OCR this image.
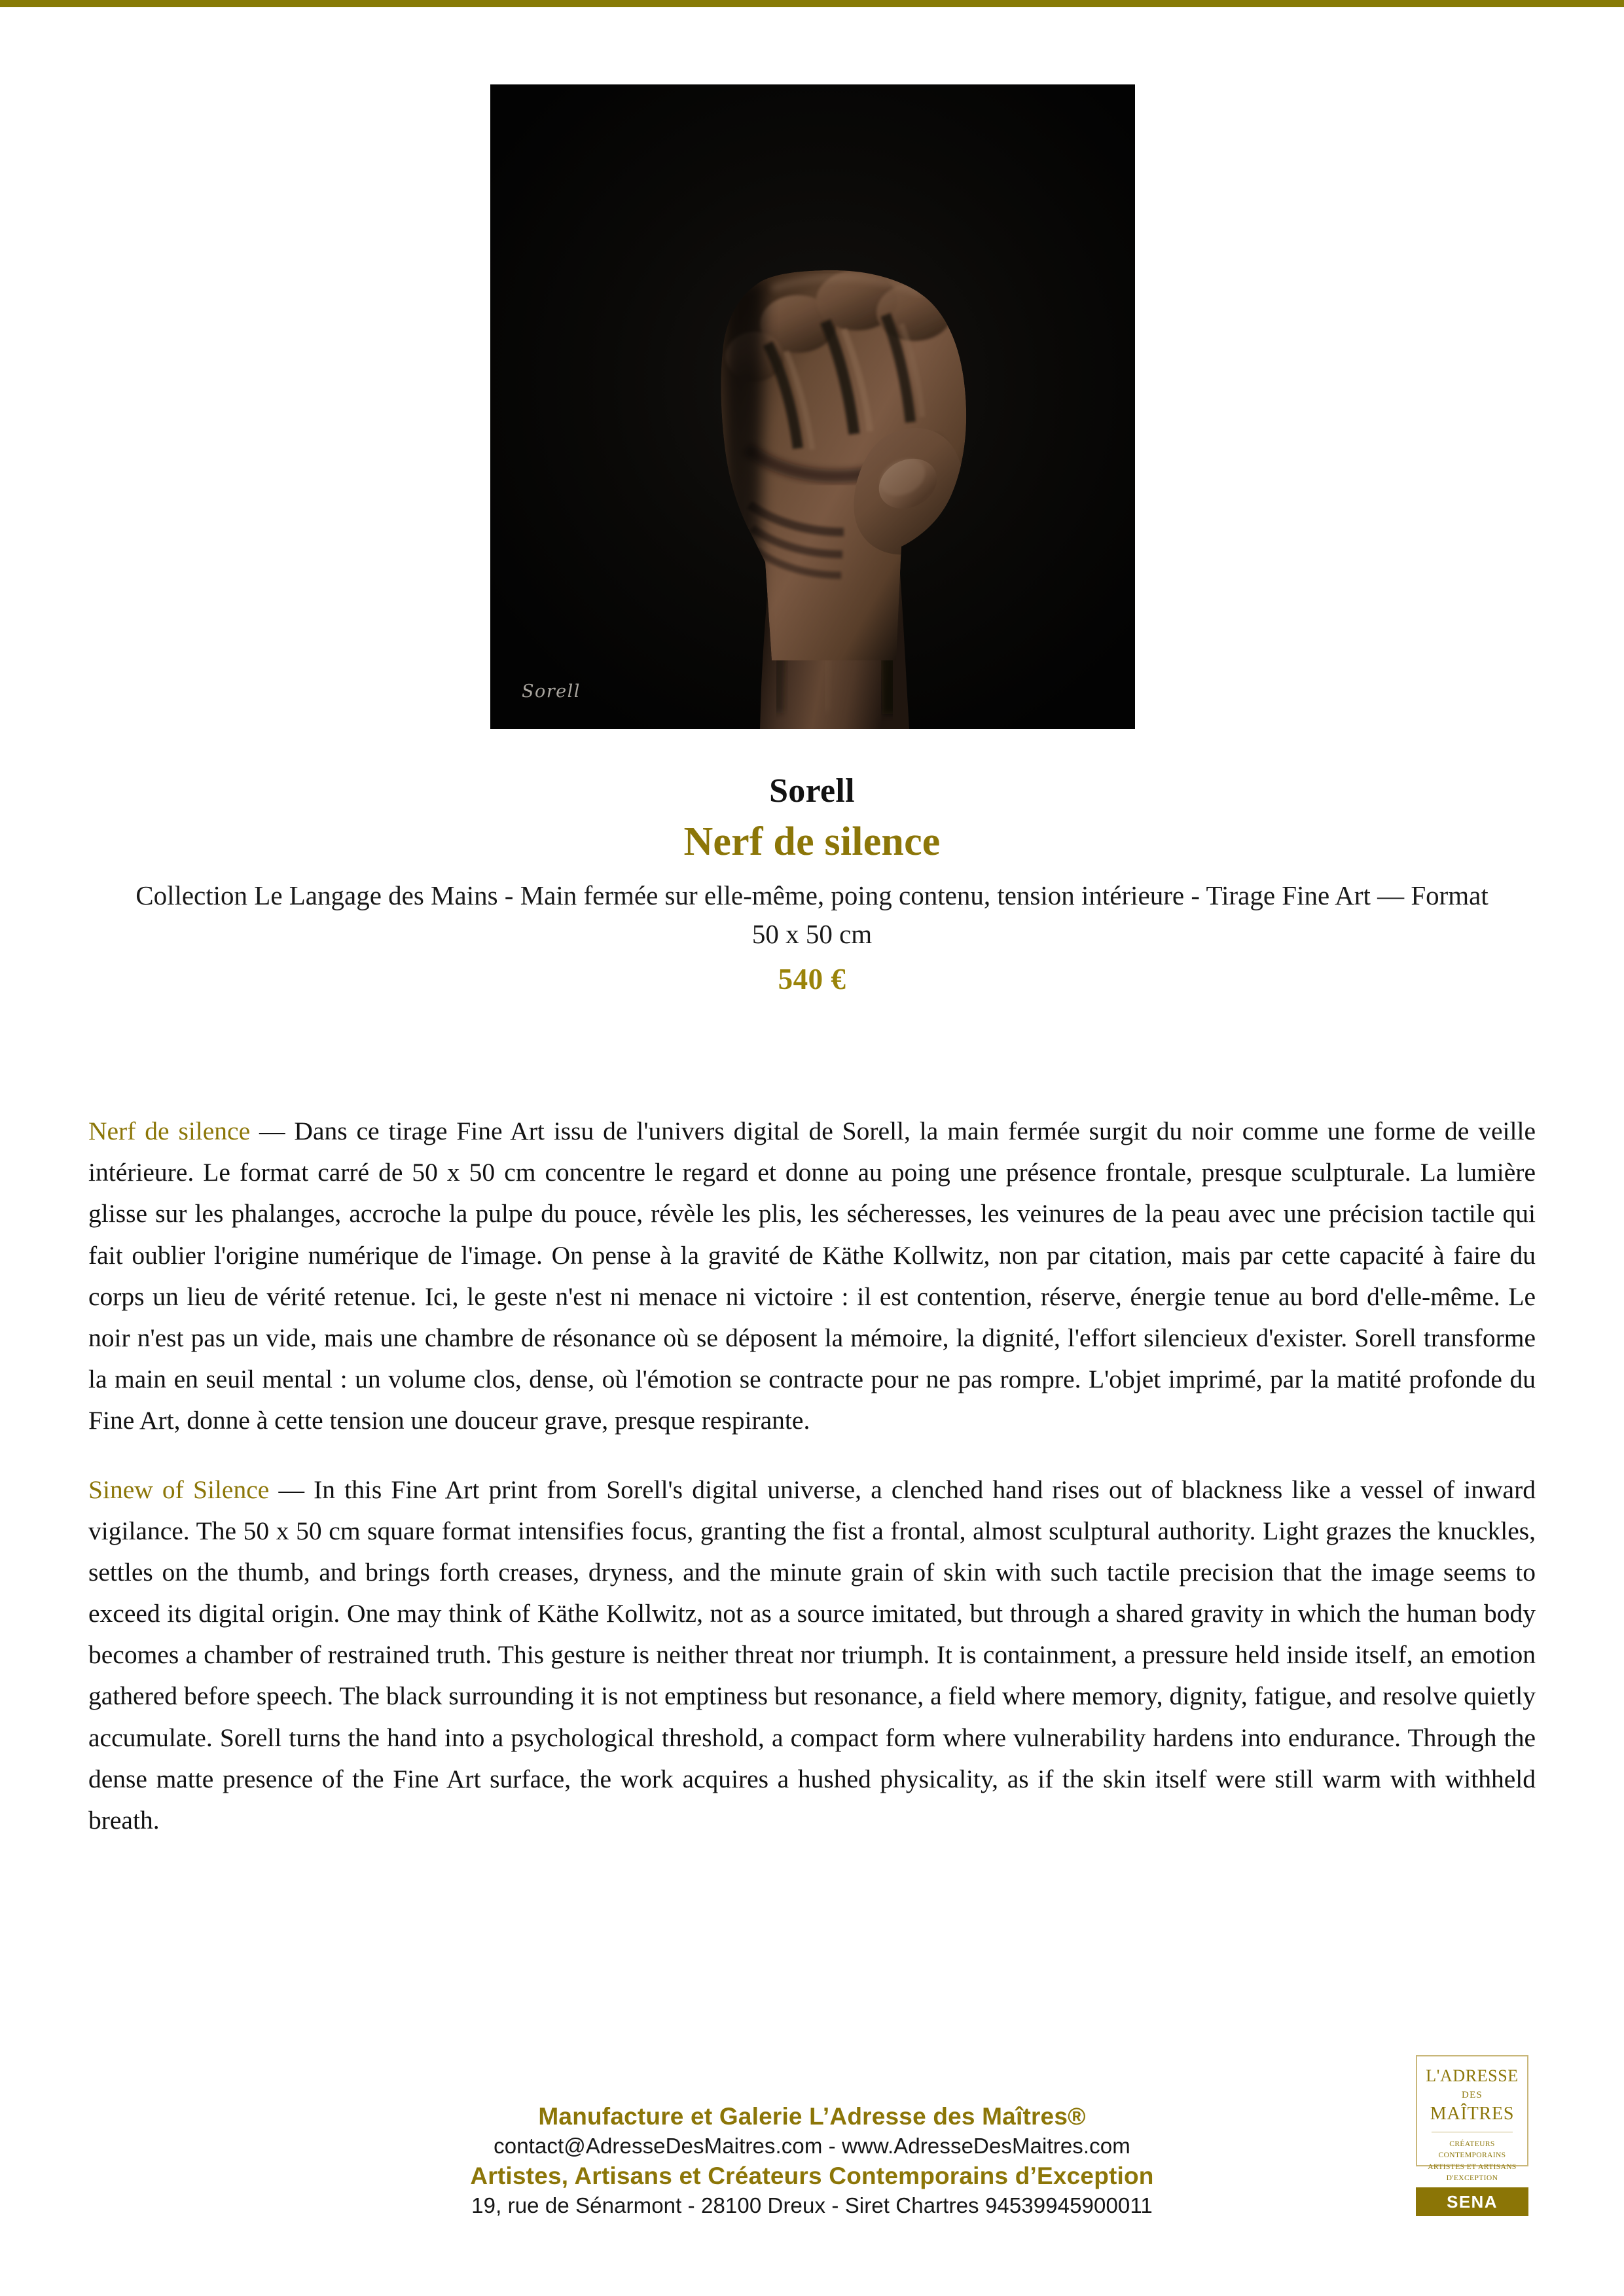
Sorell
Sorell
Nerf de silence
Collection Le Langage des Mains - Main fermée sur elle-même, poing contenu, tension intérieure - Tirage Fine Art — Format 50 x 50 cm
540 €

Nerf de silence — Dans ce tirage Fine Art issu de l'univers digital de Sorell, la main fermée surgit du noir comme une forme de veille intérieure. Le format carré de 50 x 50 cm concentre le regard et donne au poing une présence frontale, presque sculpturale. La lumière glisse sur les phalanges, accroche la pulpe du pouce, révèle les plis, les sécheresses, les veinures de la peau avec une précision tactile qui fait oublier l'origine numérique de l'image. On pense à la gravité de Käthe Kollwitz, non par citation, mais par cette capacité à faire du corps un lieu de vérité retenue. Ici, le geste n'est ni menace ni victoire : il est contention, réserve, énergie tenue au bord d'elle-même. Le noir n'est pas un vide, mais une chambre de résonance où se déposent la mémoire, la dignité, l'effort silencieux d'exister. Sorell transforme la main en seuil mental : un volume clos, dense, où l'émotion se contracte pour ne pas rompre. L'objet imprimé, par la matité profonde du Fine Art, donne à cette tension une douceur grave, presque respirante.

Sinew of Silence — In this Fine Art print from Sorell's digital universe, a clenched hand rises out of blackness like a vessel of inward vigilance. The 50 x 50 cm square format intensifies focus, granting the fist a frontal, almost sculptural authority. Light grazes the knuckles, settles on the thumb, and brings forth creases, dryness, and the minute grain of skin with such tactile precision that the image seems to exceed its digital origin. One may think of Käthe Kollwitz, not as a source imitated, but through a shared gravity in which the human body becomes a chamber of restrained truth. This gesture is neither threat nor triumph. It is containment, a pressure held inside itself, an emotion gathered before speech. The black surrounding it is not emptiness but resonance, a field where memory, dignity, fatigue, and resolve quietly accumulate. Sorell turns the hand into a psychological threshold, a compact form where vulnerability hardens into endurance. Through the dense matte presence of the Fine Art surface, the work acquires a hushed physicality, as if the skin itself were still warm with withheld breath.

Manufacture et Galerie L’Adresse des Maîtres®
contact@AdresseDesMaitres.com - www.AdresseDesMaitres.com
Artistes, Artisans et Créateurs Contemporains d’Exception
19, rue de Sénarmont - 28100 Dreux - Siret Chartres 94539945900011
L'ADRESSE
DES
MAÎTRES
CRÉATEURS CONTEMPORAINS
ARTISTES ET ARTISANS
D'EXCEPTION
SENA
